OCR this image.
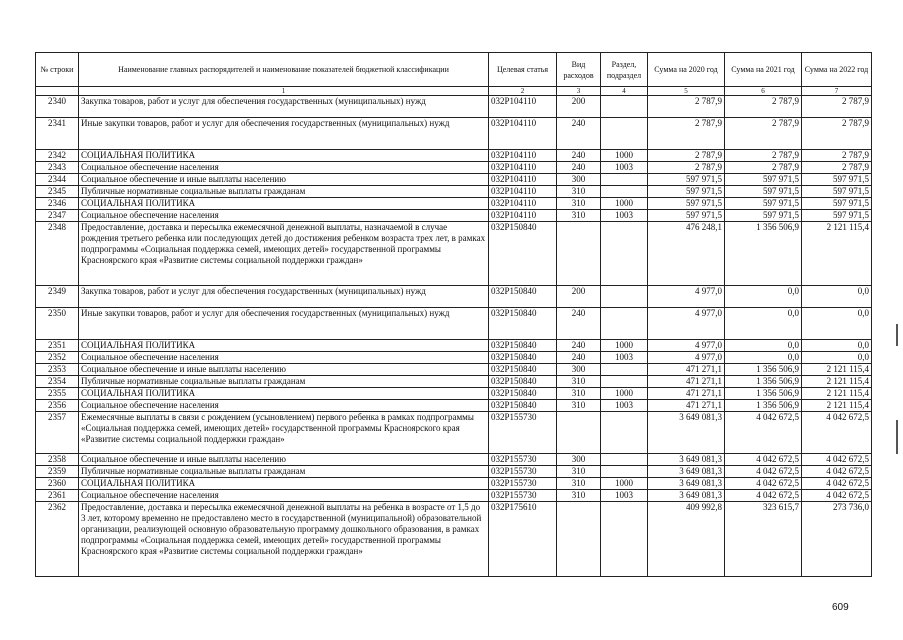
№ строки	Наименование главных распорядителей и наименование показателей бюджетной классификации	Целевая статья	Вид расходов	Раздел, подраздел	Сумма на 2020 год	Сумма на 2021 год	Сумма на 2022 год
	1	2	3	4	5	6	7
2340	Закупка товаров, работ и услуг для обеспечения государственных (муниципальных) нужд	032P104110	200		2 787,9	2 787,9	2 787,9
2341	Иные закупки товаров, работ и услуг для обеспечения государственных (муниципальных) нужд	032P104110	240		2 787,9	2 787,9	2 787,9
2342	СОЦИАЛЬНАЯ ПОЛИТИКА	032P104110	240	1000	2 787,9	2 787,9	2 787,9
2343	Социальное обеспечение населения	032P104110	240	1003	2 787,9	2 787,9	2 787,9
2344	Социальное обеспечение и иные выплаты населению	032P104110	300		597 971,5	597 971,5	597 971,5
2345	Публичные нормативные социальные выплаты гражданам	032P104110	310		597 971,5	597 971,5	597 971,5
2346	СОЦИАЛЬНАЯ ПОЛИТИКА	032P104110	310	1000	597 971,5	597 971,5	597 971,5
2347	Социальное обеспечение населения	032P104110	310	1003	597 971,5	597 971,5	597 971,5
2348	Предоставление, доставка и пересылка ежемесячной денежной выплаты, назначаемой в случае рождения третьего ребенка или последующих детей до достижения ребенком возраста трех лет, в рамках подпрограммы «Социальная поддержка семей, имеющих детей» государственной программы Красноярского края «Развитие системы социальной поддержки граждан»	032P150840			476 248,1	1 356 506,9	2 121 115,4
2349	Закупка товаров, работ и услуг для обеспечения государственных (муниципальных) нужд	032P150840	200		4 977,0	0,0	0,0
2350	Иные закупки товаров, работ и услуг для обеспечения государственных (муниципальных) нужд	032P150840	240		4 977,0	0,0	0,0
2351	СОЦИАЛЬНАЯ ПОЛИТИКА	032P150840	240	1000	4 977,0	0,0	0,0
2352	Социальное обеспечение населения	032P150840	240	1003	4 977,0	0,0	0,0
2353	Социальное обеспечение и иные выплаты населению	032P150840	300		471 271,1	1 356 506,9	2 121 115,4
2354	Публичные нормативные социальные выплаты гражданам	032P150840	310		471 271,1	1 356 506,9	2 121 115,4
2355	СОЦИАЛЬНАЯ ПОЛИТИКА	032P150840	310	1000	471 271,1	1 356 506,9	2 121 115,4
2356	Социальное обеспечение населения	032P150840	310	1003	471 271,1	1 356 506,9	2 121 115,4
2357	Ежемесячные выплаты в связи с рождением (усыновлением) первого ребенка в рамках подпрограммы «Социальная поддержка семей, имеющих детей» государственной программы Красноярского края «Развитие системы социальной поддержки граждан»	032P155730			3 649 081,3	4 042 672,5	4 042 672,5
2358	Социальное обеспечение и иные выплаты населению	032P155730	300		3 649 081,3	4 042 672,5	4 042 672,5
2359	Публичные нормативные социальные выплаты гражданам	032P155730	310		3 649 081,3	4 042 672,5	4 042 672,5
2360	СОЦИАЛЬНАЯ ПОЛИТИКА	032P155730	310	1000	3 649 081,3	4 042 672,5	4 042 672,5
2361	Социальное обеспечение населения	032P155730	310	1003	3 649 081,3	4 042 672,5	4 042 672,5
2362	Предоставление, доставка и пересылка ежемесячной денежной выплаты на ребенка в возрасте от 1,5 до 3 лет, которому временно не предоставлено место в государственной (муниципальной) образовательной организации, реализующей основную образовательную программу дошкольного образования, в рамках подпрограммы «Социальная поддержка семей, имеющих детей» государственной программы Красноярского края «Развитие системы социальной поддержки граждан»	032P175610			409 992,8	323 615,7	273 736,0
609
